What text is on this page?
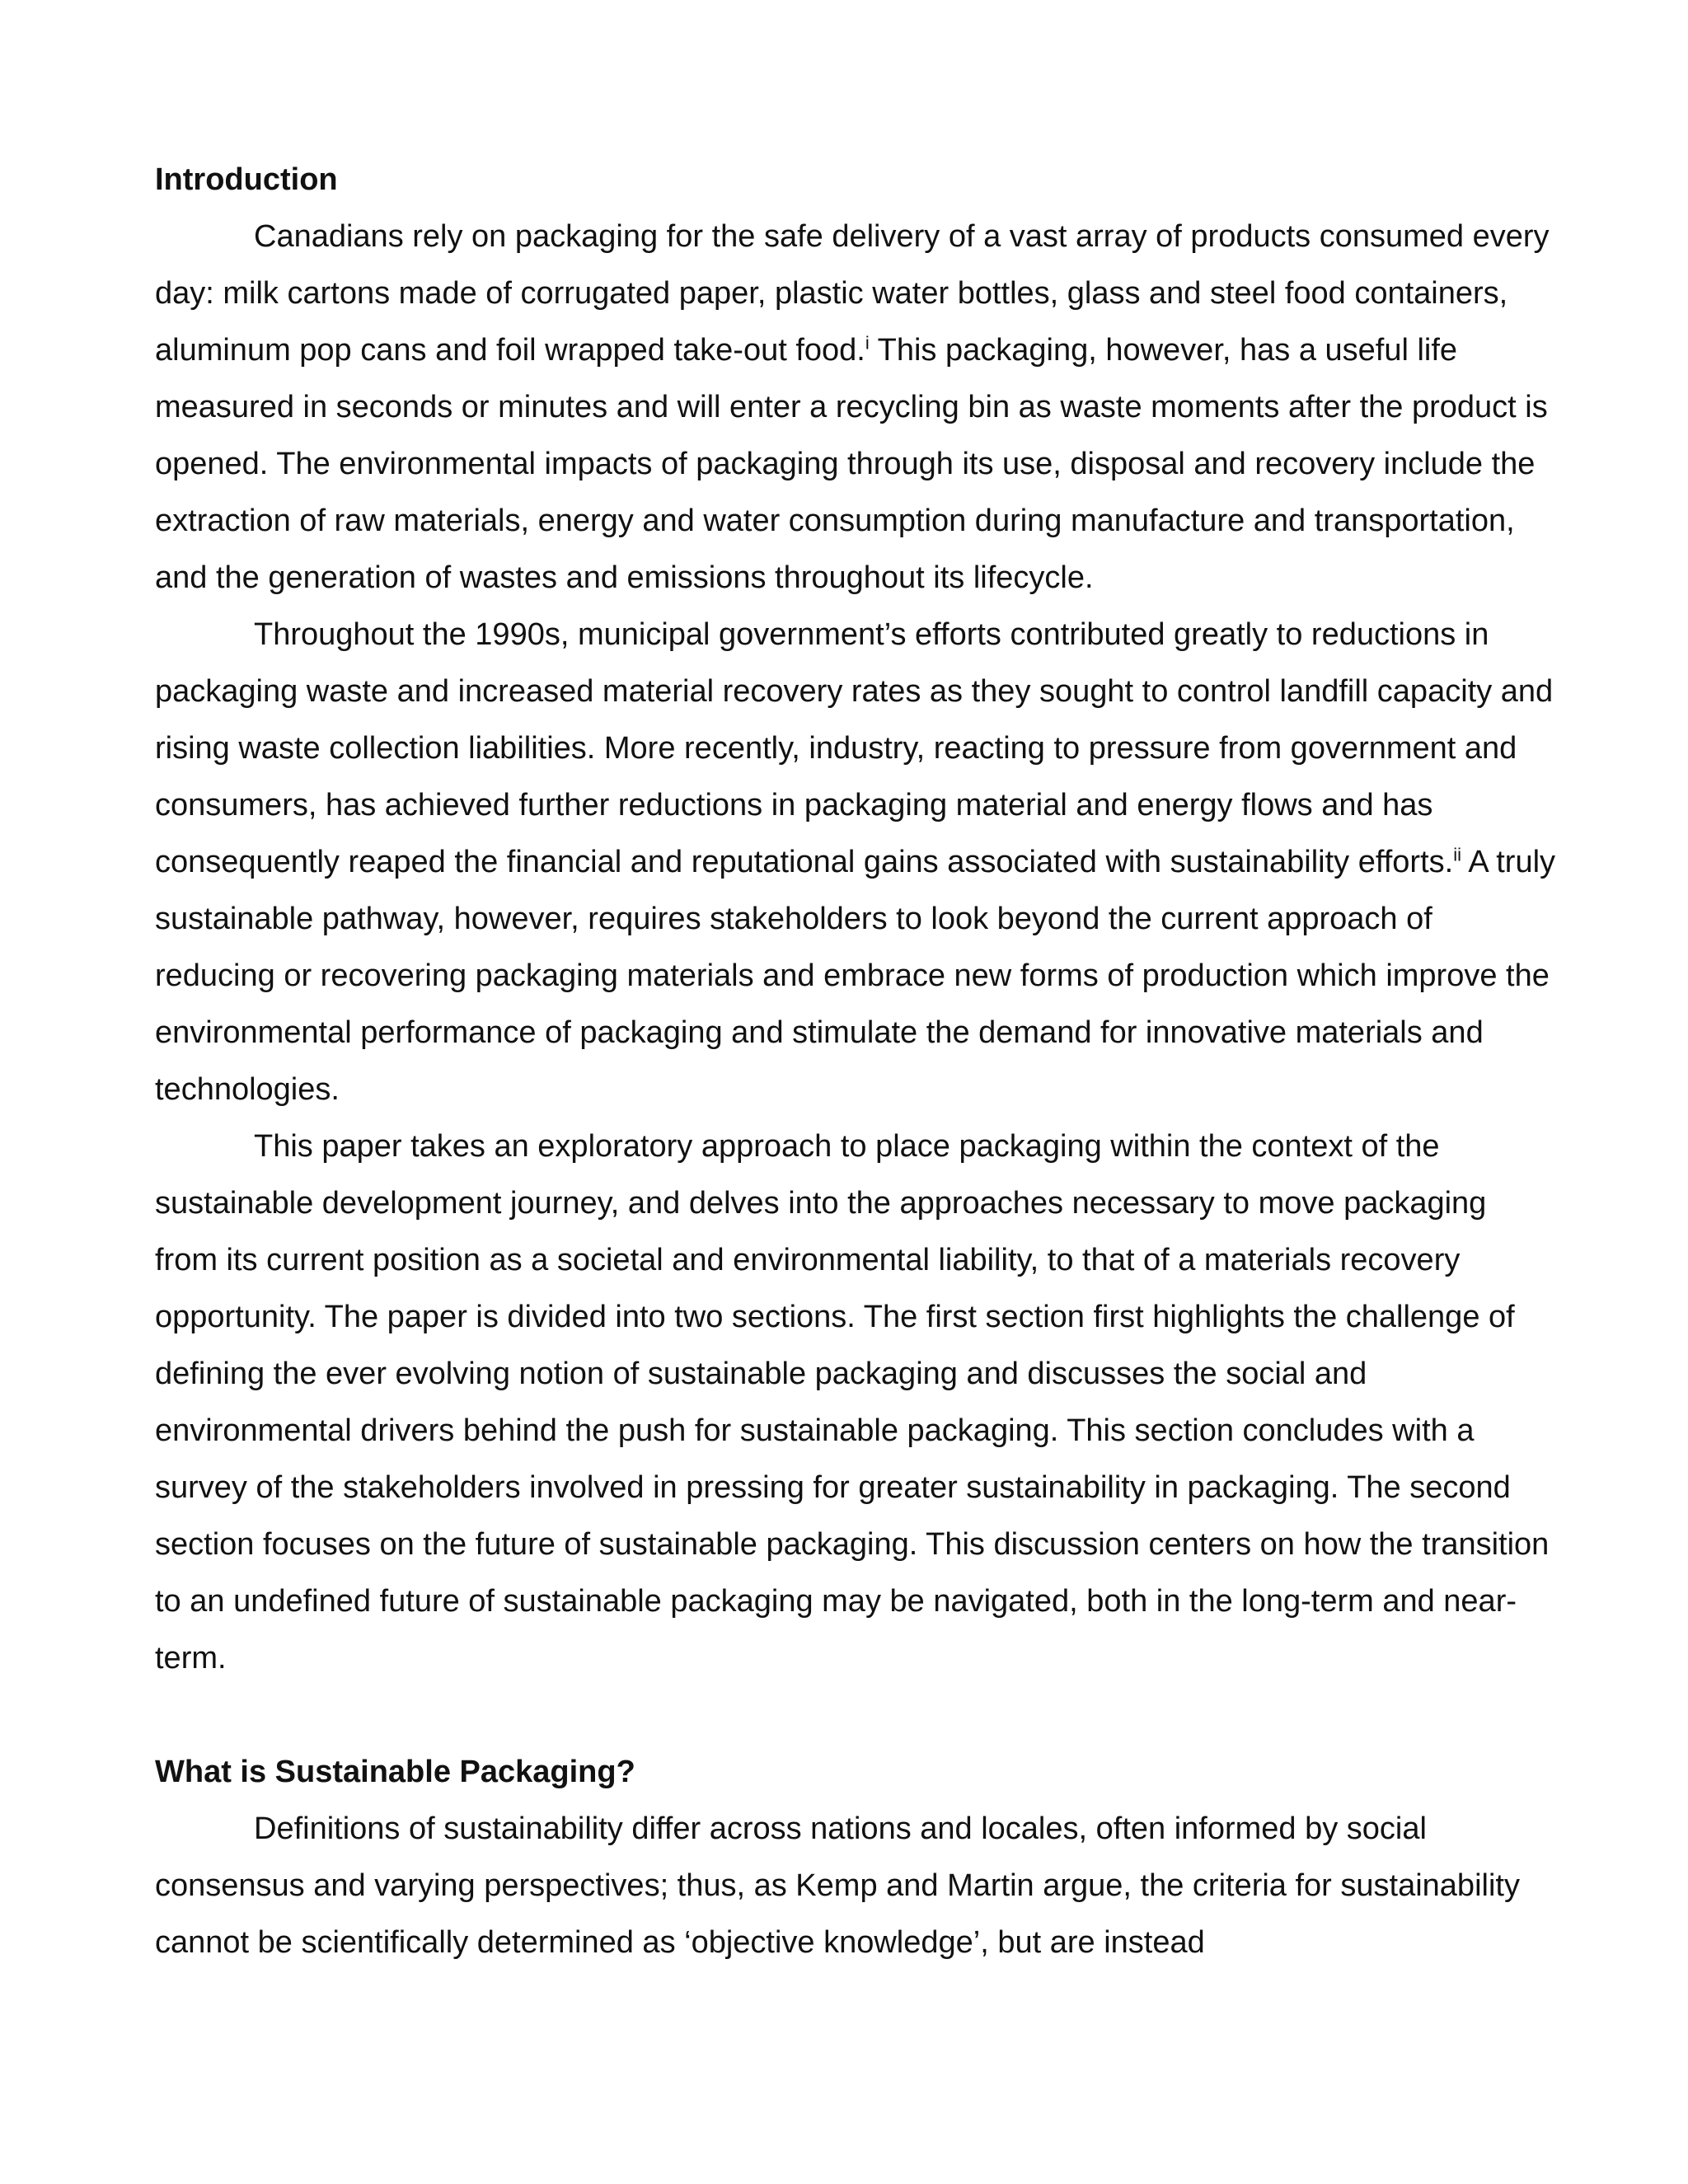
Introduction

Canadians rely on packaging for the safe delivery of a vast array of products consumed every day: milk cartons made of corrugated paper, plastic water bottles, glass and steel food containers, aluminum pop cans and foil wrapped take-out food.$^i$ This packaging, however, has a useful life measured in seconds or minutes and will enter a recycling bin as waste moments after the product is opened. The environmental impacts of packaging through its use, disposal and recovery include the extraction of raw materials, energy and water consumption during manufacture and transportation, and the generation of wastes and emissions throughout its lifecycle.

Throughout the 1990s, municipal government’s efforts contributed greatly to reductions in packaging waste and increased material recovery rates as they sought to control landfill capacity and rising waste collection liabilities. More recently, industry, reacting to pressure from government and consumers, has achieved further reductions in packaging material and energy flows and has consequently reaped the financial and reputational gains associated with sustainability efforts.$^{ii}$ A truly sustainable pathway, however, requires stakeholders to look beyond the current approach of reducing or recovering packaging materials and embrace new forms of production which improve the environmental performance of packaging and stimulate the demand for innovative materials and technologies.

This paper takes an exploratory approach to place packaging within the context of the sustainable development journey, and delves into the approaches necessary to move packaging from its current position as a societal and environmental liability, to that of a materials recovery opportunity. The paper is divided into two sections. The first section first highlights the challenge of defining the ever evolving notion of sustainable packaging and discusses the social and environmental drivers behind the push for sustainable packaging. This section concludes with a survey of the stakeholders involved in pressing for greater sustainability in packaging. The second section focuses on the future of sustainable packaging. This discussion centers on how the transition to an undefined future of sustainable packaging may be navigated, both in the long-term and near-term.

What is Sustainable Packaging?

Definitions of sustainability differ across nations and locales, often informed by social consensus and varying perspectives; thus, as Kemp and Martin argue, the criteria for sustainability cannot be scientifically determined as ‘objective knowledge’, but are instead
